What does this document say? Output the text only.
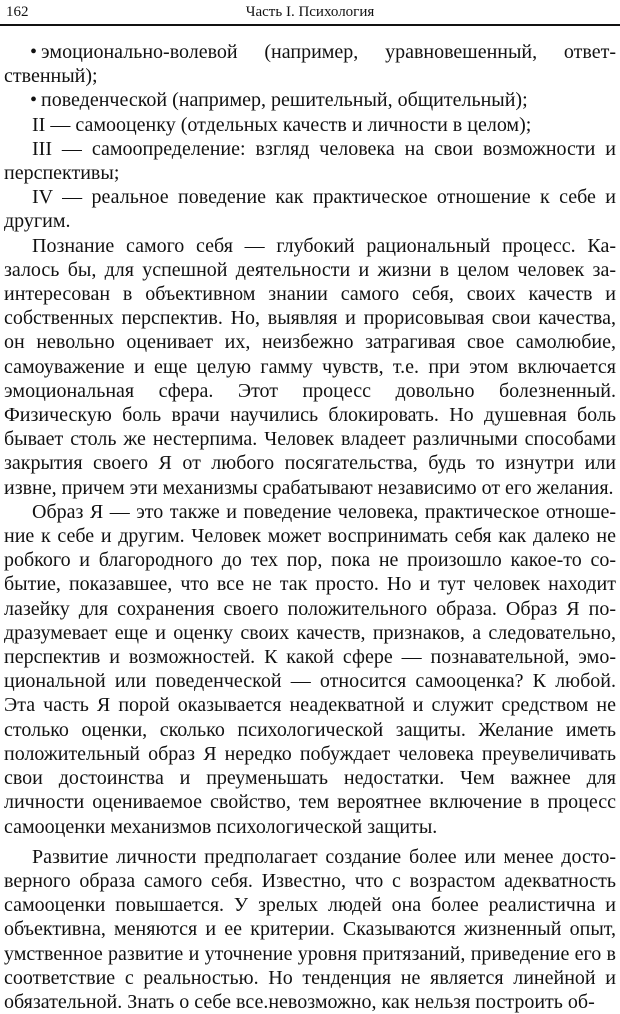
162	Часть I. Психология

• эмоционально-волевой (например, уравновешенный, ответственный);

• поведенческой (например, решительный, общительный);

II — самооценку (отдельных качеств и личности в целом);

III — самоопределение: взгляд человека на свои возможности и перспективы;

IV — реальное поведение как практическое отношение к себе и другим.

Познание самого себя — глубокий рациональный процесс. Казалось бы, для успешной деятельности и жизни в целом человек заинтересован в объективном знании самого себя, своих качеств и собственных перспектив. Но, выявляя и прорисовывая свои качества, он невольно оценивает их, неизбежно затрагивая свое самолюбие, самоуважение и еще целую гамму чувств, т.е. при этом включается эмоциональная сфера. Этот процесс довольно болезненный. Физическую боль врачи научились блокировать. Но душевная боль бывает столь же нестерпима. Человек владеет различными способами закрытия своего Я от любого посягательства, будь то изнутри или извне, причем эти механизмы срабатывают независимо от его желания.

Образ Я — это также и поведение человека, практическое отношение к себе и другим. Человек может воспринимать себя как далеко не робкого и благородного до тех пор, пока не произошло какое-то событие, показавшее, что все не так просто. Но и тут человек находит лазейку для сохранения своего положительного образа. Образ Я подразумевает еще и оценку своих качеств, признаков, а следовательно, перспектив и возможностей. К какой сфере — познавательной, эмоциональной или поведенческой — относится самооценка? К любой. Эта часть Я порой оказывается неадекватной и служит средством не столько оценки, сколько психологической защиты. Желание иметь положительный образ Я нередко побуждает человека преувеличивать свои достоинства и преуменьшать недостатки. Чем важнее для личности оцениваемое свойство, тем вероятнее включение в процесс самооценки механизмов психологической защиты.

Развитие личности предполагает создание более или менее достоверного образа самого себя. Известно, что с возрастом адекватность самооценки повышается. У зрелых людей она более реалистична и объективна, меняются и ее критерии. Сказываются жизненный опыт, умственное развитие и уточнение уровня притязаний, приведение его в соответствие с реальностью. Но тенденция не является линейной и обязательной. Знать о себе все.невозможно, как нельзя построить об-
